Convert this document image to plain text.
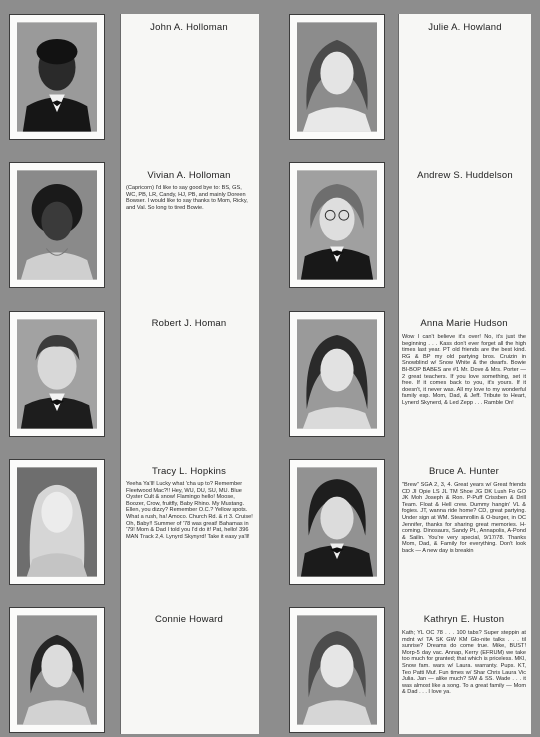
John A. Holloman
Vivian A. Holloman
(Capricorn) I'd like to say good bye to: BS, GS, WC, PB, LR, Candy, HJ, PB, and mainly Doreen Bowser. I would like to say thanks to Mom, Ricky, and Val. So long to tired Bowie.
Robert J. Homan
Tracy L. Hopkins
Yeeha Ya'll! Lucky what 'cha up to? Remember Fleetwood Mac?!! Hey, WU, DU, SU, MU. Blue Oyster Cult & snow! Flamingo hello! Moose, Boozer, Crow, fruitfly, Baby Rhino. My Mustang. Ellen, you dizzy? Remember O.C.? Yellow spots. What a rush, ha! Amoco. Church Rd. & rt 3. Cruise! Oh, Baby!! Summer of '78 was great! Bahamas in '79! Mom & Dad I told you I'd do it! Pat, hello! 396 MAN Track 2,4. Lynyrd Skynyrd! Take it easy ya'll!
Connie Howard
Julie A. Howland
Andrew S. Huddelson
Anna Marie Hudson
Wow I can't believe it's over! No, it's just the beginning . . . Kass don't ever forget all the high times last year. PT old friends are the best kind. RG & BP my old partying bros. Cruizin in Snowblind w/ Snow White & the dwarfs. Bowie BI-BOP BABES are #1 Mr. Dove & Mrs. Porter — 2 great teachers. If you love something, set it free. If it comes back to you, it's yours. If it doesn't, it never was. All my love to my wonderful family esp. Mom, Dad, & Jeff. Tribute to Heart, Lynerd Skynerd, & Led Zepp . . . Ramble On!
Bruce A. Hunter
"Brew" SGA 2, 3, 4. Great years w/ Great friends CD JI Opie LS JL TM Shoe JG DK Lush Fo GO JK Moh Joseph & Ron. P-Puff Crissben & Drill Team. Float & Hell crew. Dummy hangin' VL & fogies. JT, wanna ride home? CD, great partying. Under sign at WM. Steamrollin & O-burger, in OC Jennifer, thanks for sharing great memories. H-coming. Dinosaurs, Sandy Pt., Annapolis, A-Pond & Sailin. You're very special, 9/17/78. Thanks Mom, Dad, & Family for everything. Don't look back — A new day is breakin
Kathryn E. Huston
Kath; YL OC 78 . . . 100 tabs? Super steppin at mdnt w/ TA SK GW KM Glo-nite talks . . . til sunrise? Dreams do come true. Mike, BUST! Morp-5 day vac. Annap, Kerry (EFRUM) we take too much for granted; that which is priceless. MKI, Snow fam. wars w/ Laura. warranty. Pups. KT, Teo Patti Muf. Fun times w/ Shar Chris Laura Vic Julia. Jan — alike much? SW & SS. Wade . . . it was almost like a song. To a great family — Mom & Dad . . . I love ya.
